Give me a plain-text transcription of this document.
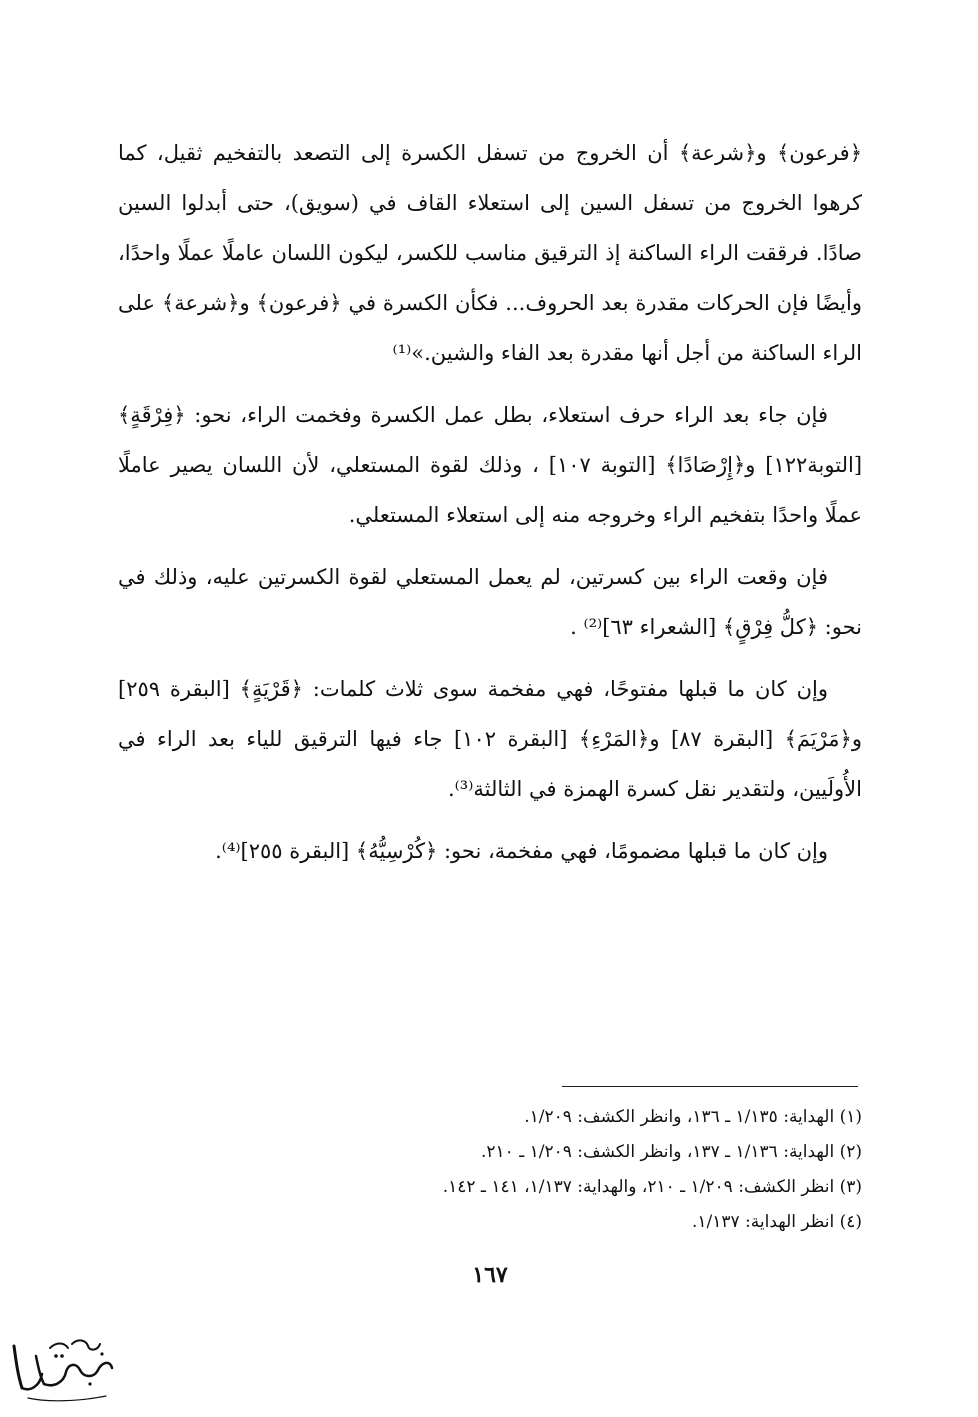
﴿فرعون﴾ و﴿شرعة﴾ أن الخروج من تسفل الكسرة إلى التصعد بالتفخيم ثقيل، كما كرهوا الخروج من تسفل السين إلى استعلاء القاف في (سويق)، حتى أبدلوا السين صادًا. فرققت الراء الساكنة إذ الترقيق مناسب للكسر، ليكون اللسان عاملًا عملًا واحدًا، وأيضًا فإن الحركات مقدرة بعد الحروف... فكأن الكسرة في ﴿فرعون﴾ و﴿شرعة﴾ على الراء الساكنة من أجل أنها مقدرة بعد الفاء والشين.»⁽¹⁾

فإن جاء بعد الراء حرف استعلاء، بطل عمل الكسرة وفخمت الراء، نحو: ﴿فِرْقَةٍ﴾ [التوبة١٢٢] و﴿إِرْصَادًا﴾ [التوبة ١٠٧] ، وذلك لقوة المستعلي، لأن اللسان يصير عاملًا عملًا واحدًا بتفخيم الراء وخروجه منه إلى استعلاء المستعلي.

فإن وقعت الراء بين كسرتين، لم يعمل المستعلي لقوة الكسرتين عليه، وذلك في نحو: ﴿كلُّ فِرْقٍ﴾ [الشعراء ٦٣]⁽²⁾ .

وإن كان ما قبلها مفتوحًا، فهي مفخمة سوى ثلاث كلمات: ﴿قَرْيَةٍ﴾ [البقرة ٢٥٩] و﴿مَرْيَمَ﴾ [البقرة ٨٧] و﴿المَرْءِ﴾ [البقرة ١٠٢] جاء فيها الترقيق للياء بعد الراء في الأُولَيين، ولتقدير نقل كسرة الهمزة في الثالثة⁽³⁾.

وإن كان ما قبلها مضمومًا، فهي مفخمة، نحو: ﴿كُرْسِيُّهُ﴾ [البقرة ٢٥٥]⁽⁴⁾.

(١) الهداية: ١/١٣٥ ـ ١٣٦، وانظر الكشف: ١/٢٠٩.

(٢) الهداية: ١/١٣٦ ـ ١٣٧، وانظر الكشف: ١/٢٠٩ ـ ٢١٠.

(٣) انظر الكشف: ١/٢٠٩ ـ ٢١٠، والهداية: ١/١٣٧، ١٤١ ـ ١٤٢.

(٤) انظر الهداية: ١/١٣٧.

١٦٧
